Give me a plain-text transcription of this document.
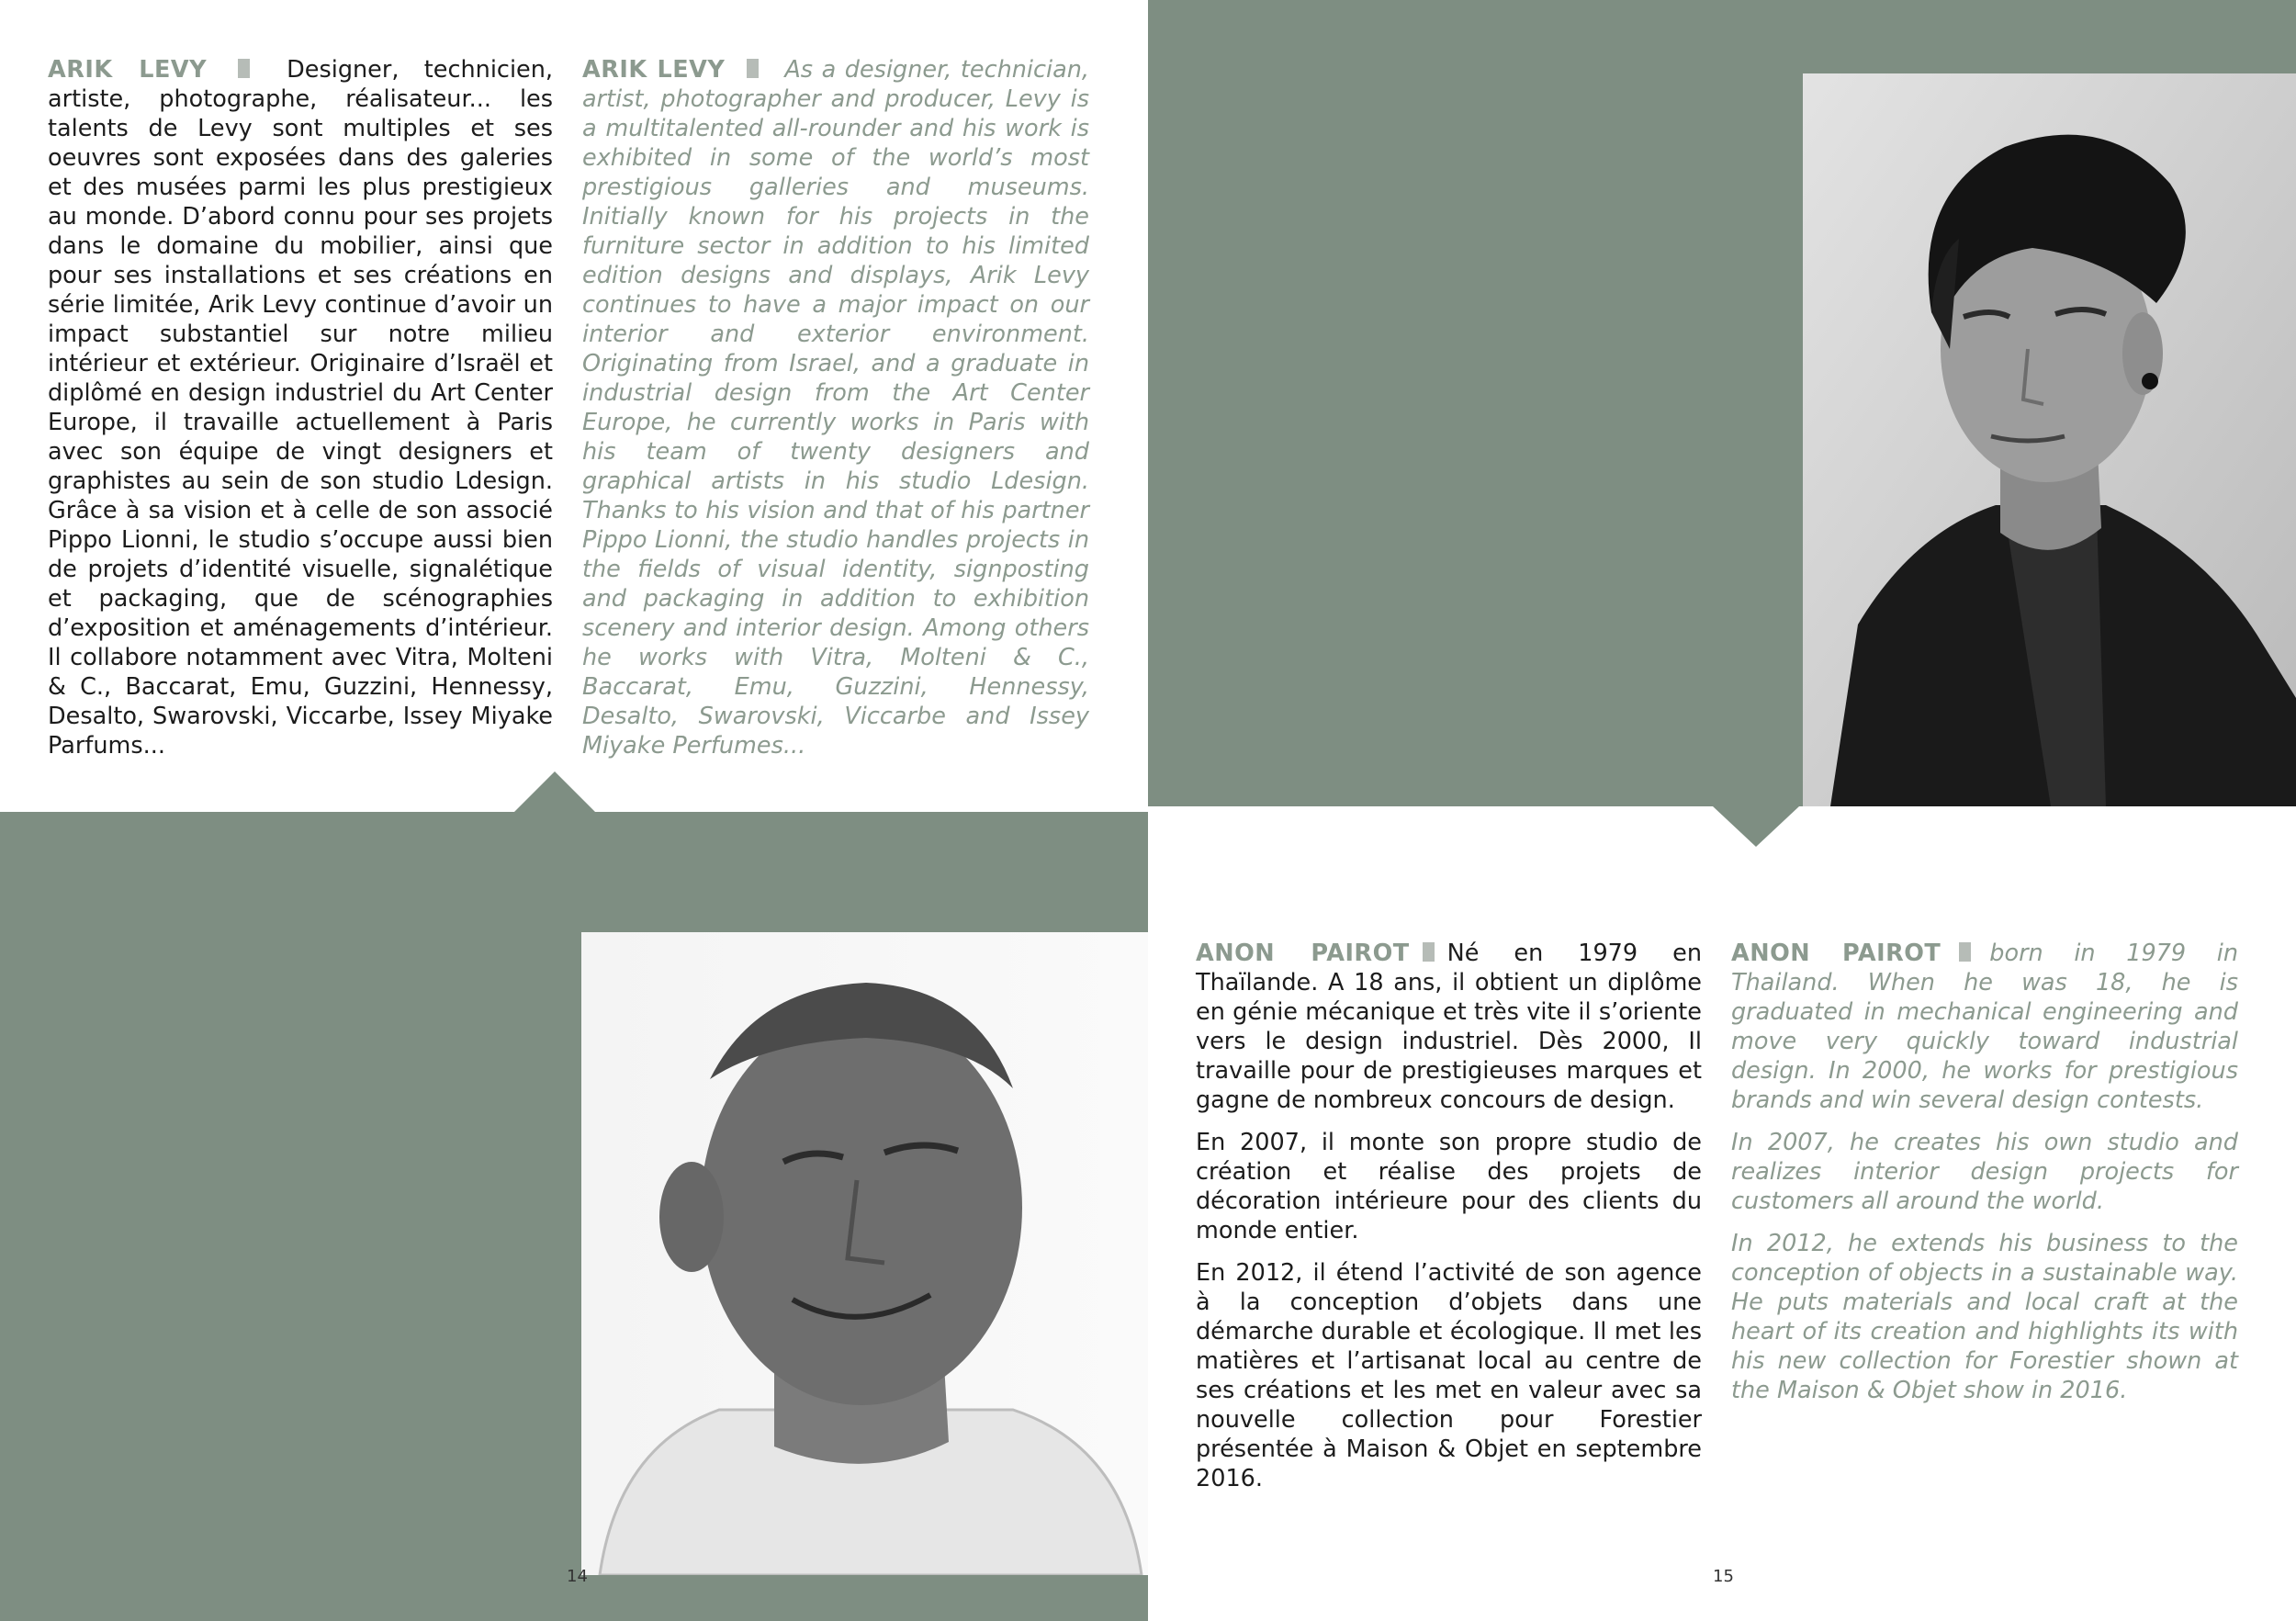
ARIK LEVY	Designer, technicien, artiste, photographe, réalisateur... les talents de Levy sont multiples et ses oeuvres sont exposées dans des galeries et des musées parmi les plus prestigieux au monde. D’abord connu pour ses projets dans le domaine du mobilier, ainsi que pour ses installations et ses créations en série limitée, Arik Levy continue d’avoir un impact substantiel sur notre milieu intérieur et extérieur. Originaire d’Israël et diplômé en design industriel du Art Center Europe, il travaille actuellement à Paris avec son équipe de vingt designers et graphistes au sein de son studio Ldesign. Grâce à sa vision et à celle de son associé Pippo Lionni, le studio s’occupe aussi bien de projets d’identité visuelle, signalétique et packaging, que de scénographies d’exposition et aménagements d’intérieur. Il collabore notamment avec Vitra, Molteni & C., Baccarat, Emu, Guzzini, Hennessy, Desalto, Swarovski, Viccarbe, Issey Miyake Parfums...
ARIK LEVY	As a designer, technician, artist, photographer and producer, Levy is a multitalented all-rounder and his work is exhibited in some of the world’s most prestigious galleries and museums. Initially known for his projects in the furniture sector in addition to his limited edition designs and displays, Arik Levy continues to have a major impact on our interior and exterior environment. Originating from Israel, and a graduate in industrial design from the Art Center Europe, he currently works in Paris with his team of twenty designers and graphical artists in his studio Ldesign. Thanks to his vision and that of his partner Pippo Lionni, the studio handles projects in the fields of visual identity, signposting and packaging in addition to exhibition scenery and interior design. Among others he works with Vitra, Molteni & C., Baccarat, Emu, Guzzini, Hennessy, Desalto, Swarovski, Viccarbe and Issey Miyake Perfumes...

ANON PAIROT Né en 1979 en Thaïlande. A 18 ans, il obtient un diplôme en génie mécanique et très vite il s’oriente vers le design industriel. Dès 2000, Il travaille pour de prestigieuses marques et gagne de nombreux concours de design.

En 2007, il monte son propre studio de création et réalise des projets de décoration intérieure pour des clients du monde entier.

En 2012, il étend l’activité de son agence à la conception d’objets dans une démarche durable et écologique. Il met les matières et l’artisanat local au centre de ses créations et les met en valeur avec sa nouvelle collection pour Forestier présentée à Maison & Objet en septembre 2016.

ANON PAIROT born in 1979 in Thailand. When he was 18, he is graduated in mechanical engineering and move very quickly toward industrial design. In 2000, he works for prestigious brands and win several design contests.

In 2007, he creates his own studio and realizes interior design projects for customers all around the world.

In 2012, he extends his business to the conception of objects in a sustainable way. He puts materials and local craft at the heart of its creation and highlights its with his new collection for Forestier shown at the Maison & Objet show in 2016.

14	15
